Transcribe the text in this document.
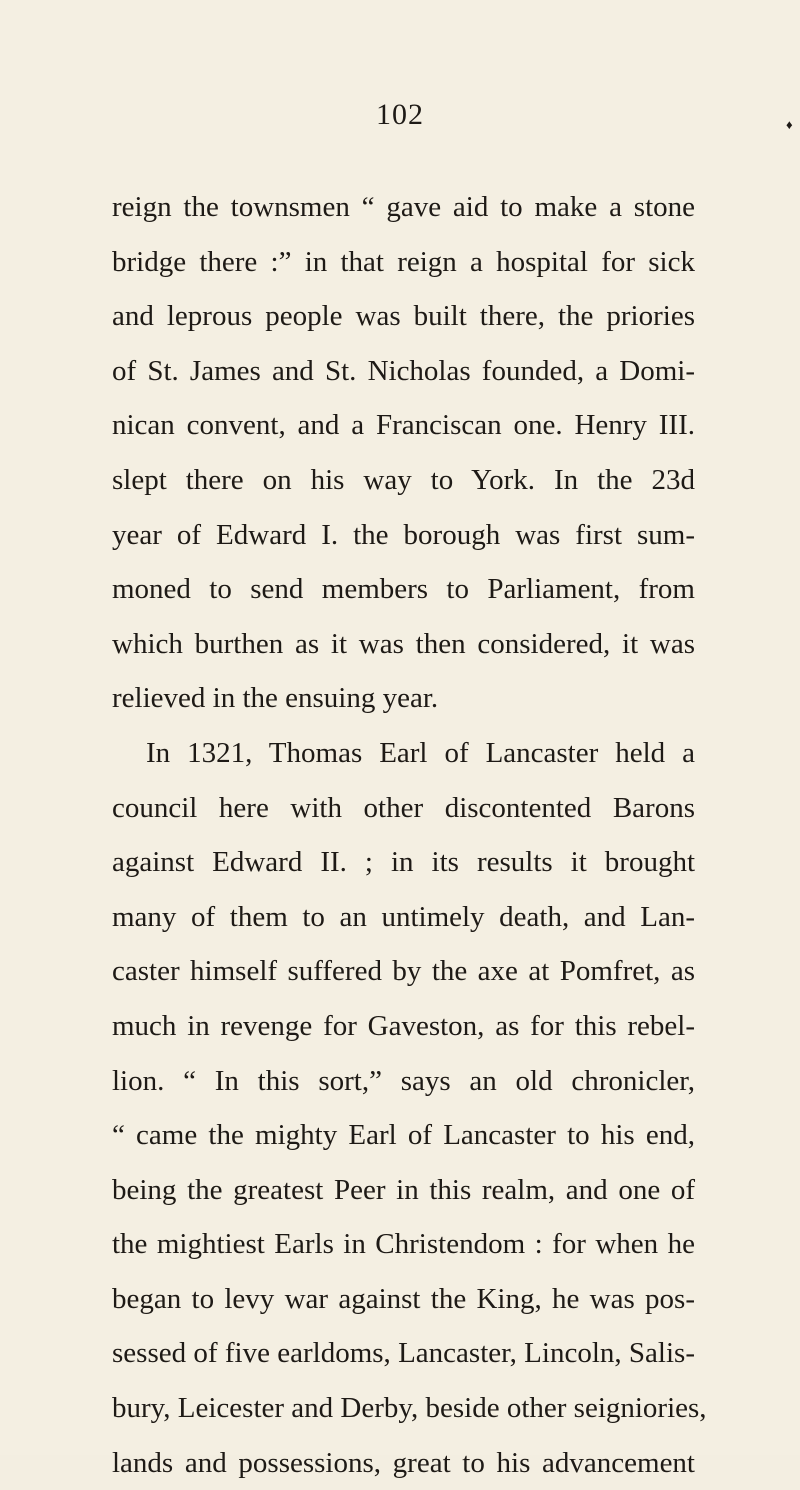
102	♦
reign the townsmen “ gave aid to make a stone
bridge there :” in that reign a hospital for sick
and leprous people was built there, the priories
of St. James and St. Nicholas founded, a Domi-
nican convent, and a Franciscan one. Henry III.
slept there on his way to York. In the 23d
year of Edward I. the borough was first sum-
moned to send members to Parliament, from
which burthen as it was then considered, it was
relieved in the ensuing year.
In 1321, Thomas Earl of Lancaster held a
council here with other discontented Barons
against Edward II. ; in its results it brought
many of them to an untimely death, and Lan-
caster himself suffered by the axe at Pomfret, as
much in revenge for Gaveston, as for this rebel-
lion. “ In this sort,” says an old chronicler,
“ came the mighty Earl of Lancaster to his end,
being the greatest Peer in this realm, and one of
the mightiest Earls in Christendom : for when he
began to levy war against the King, he was pos-
sessed of five earldoms, Lancaster, Lincoln, Salis-
bury, Leicester and Derby, beside other seigniories,
lands and possessions, great to his advancement
